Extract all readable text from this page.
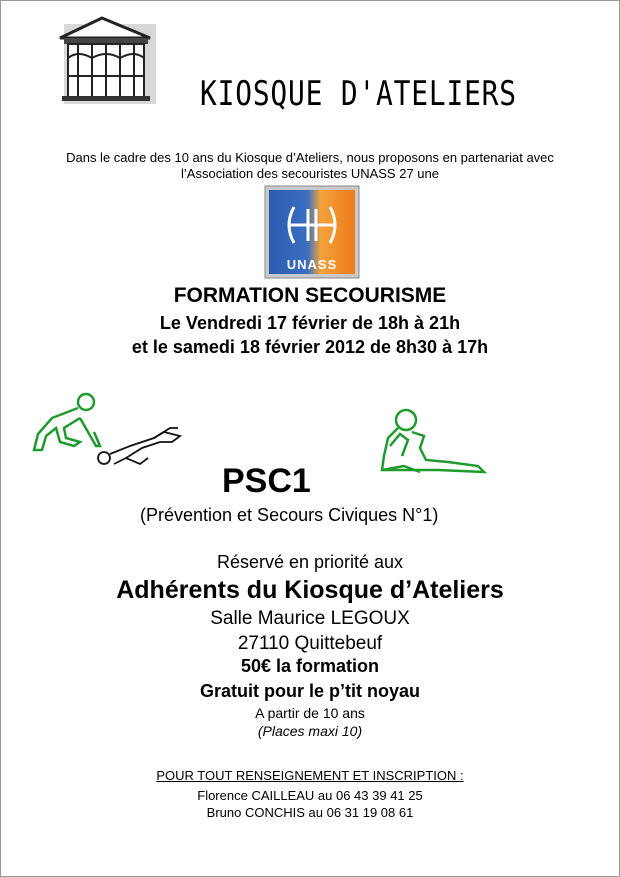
KIOSQUE D'ATELIERS
Dans le cadre des 10 ans du Kiosque d’Ateliers, nous proposons en partenariat avec
l’Association des secouristes UNASS 27 une
UNASS
FORMATION SECOURISME
Le Vendredi 17 février de 18h à 21h
et le samedi 18 février 2012 de 8h30 à 17h
PSC1
(Prévention et Secours Civiques N°1)
Réservé en priorité aux
Adhérents du Kiosque d’Ateliers
Salle Maurice LEGOUX
27110 Quittebeuf
50€ la formation
Gratuit pour le p’tit noyau
A partir de 10 ans
(Places maxi 10)
POUR TOUT RENSEIGNEMENT ET INSCRIPTION :
Florence CAILLEAU au 06 43 39 41 25
Bruno CONCHIS au 06 31 19 08 61
